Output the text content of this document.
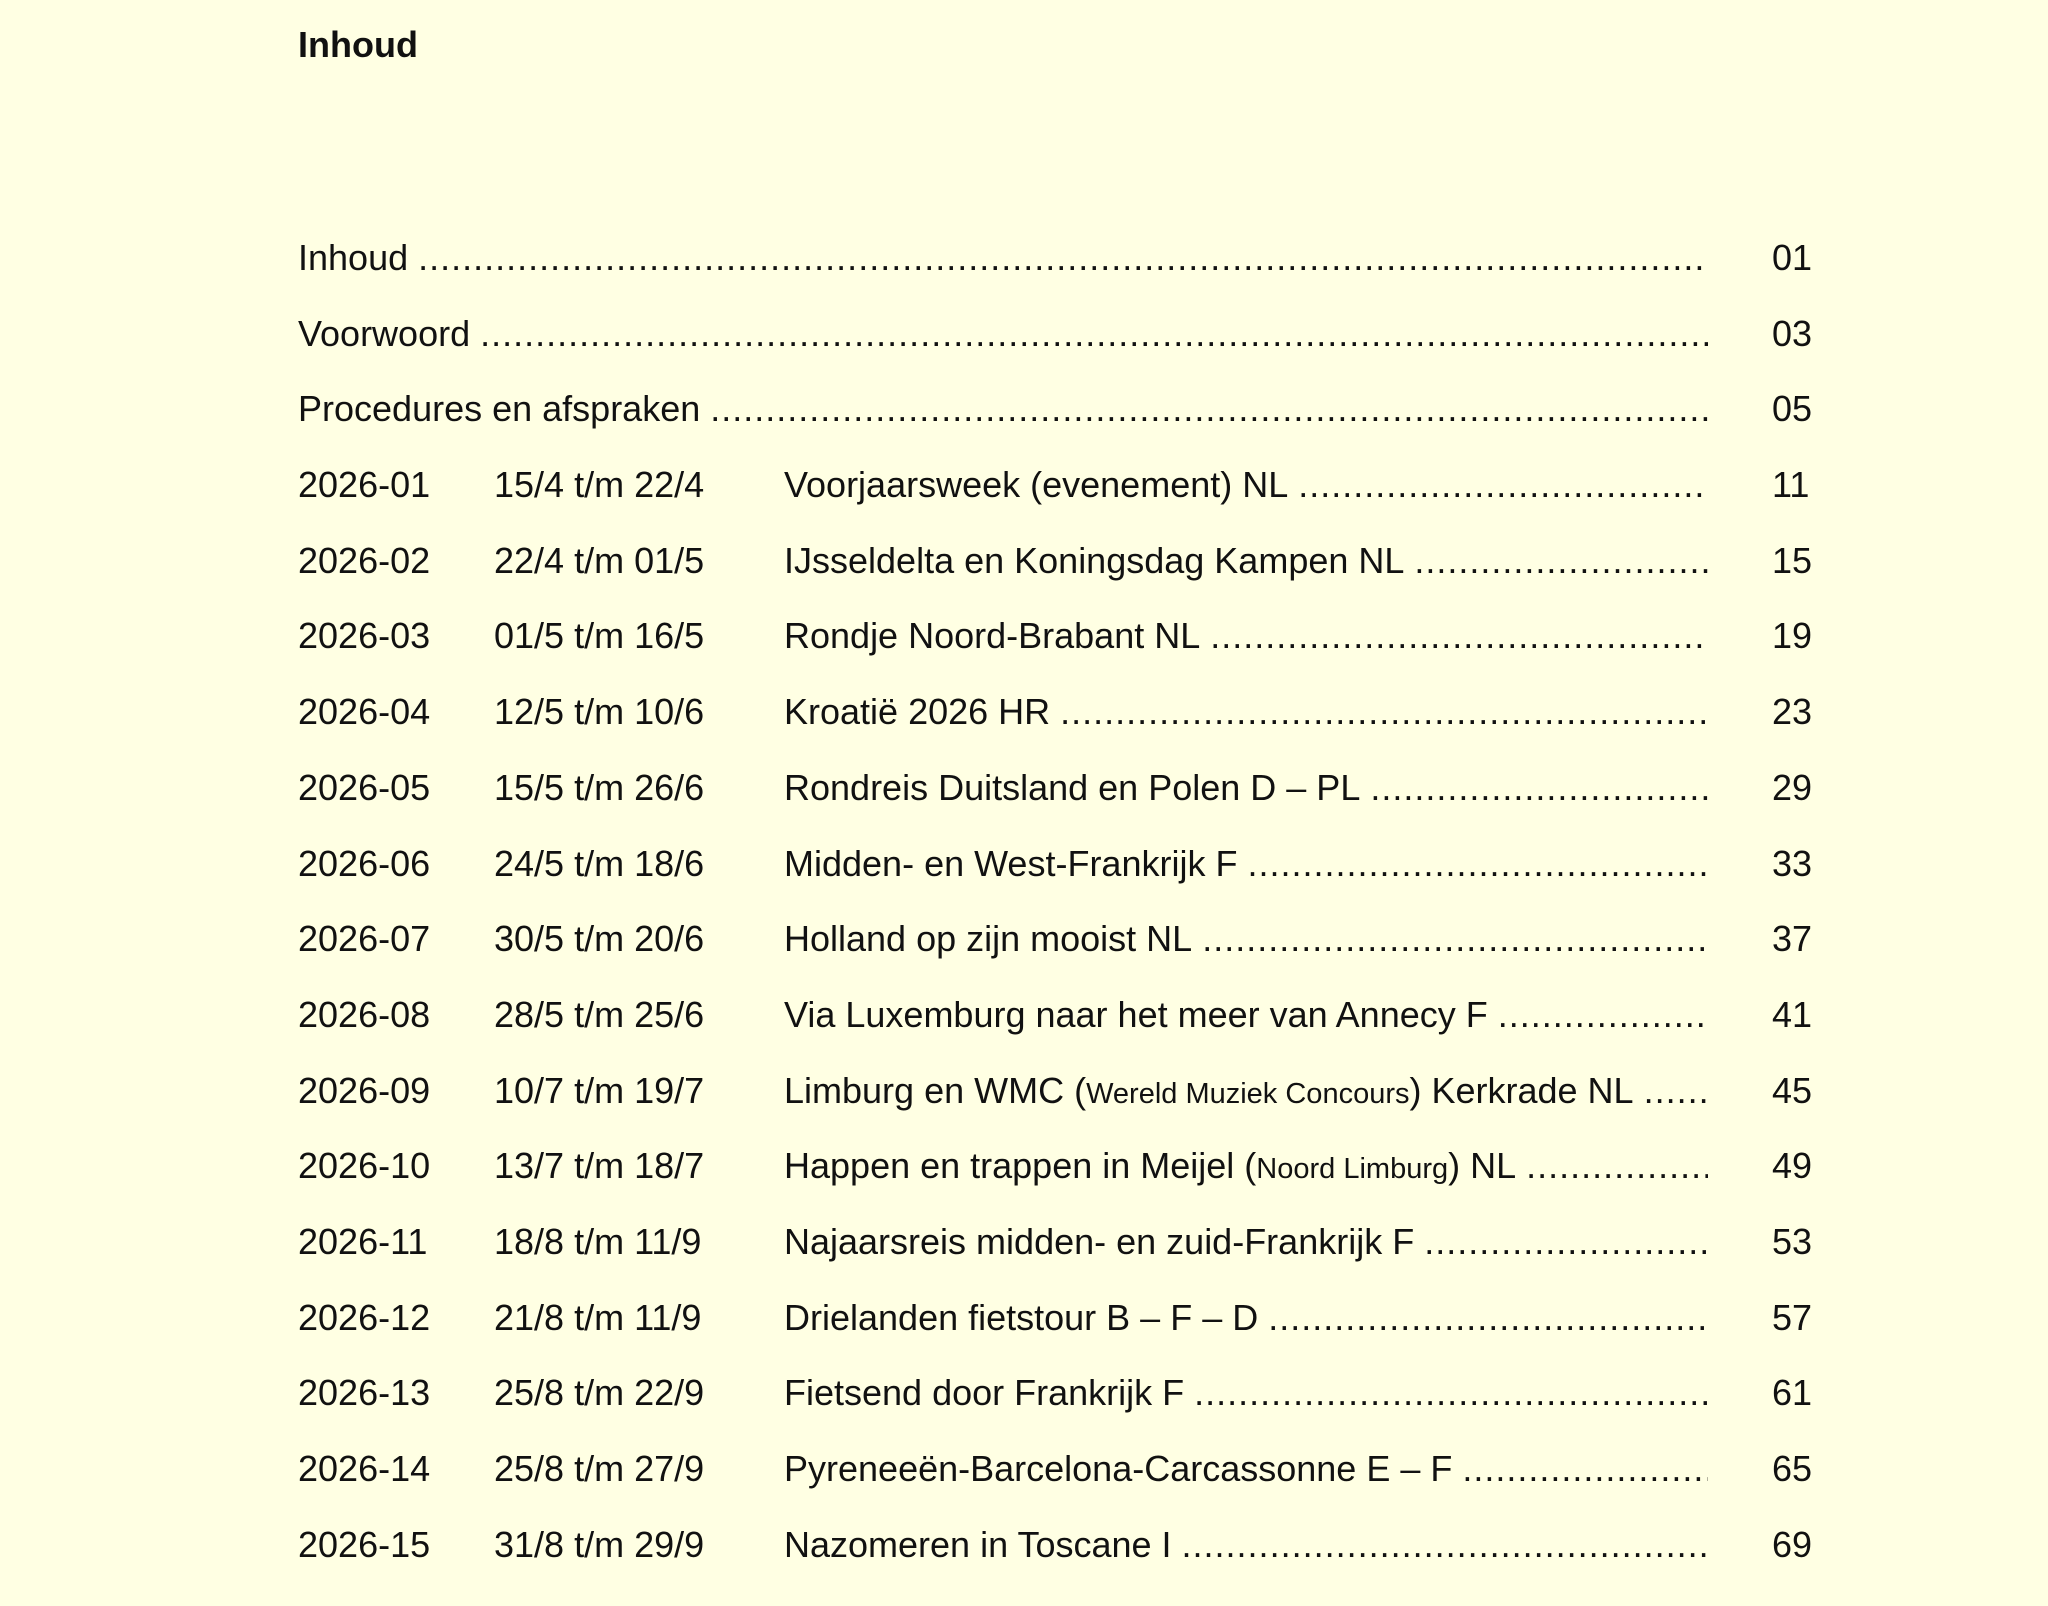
Inhoud
Inhoud .....	01
Voorwoord .....	03
Procedures en afspraken .....	05
2026-01 15/4 t/m 22/4 Voorjaarsweek (evenement) NL .....	11
2026-02 22/4 t/m 01/5 IJsseldelta en Koningsdag Kampen NL .....	15
2026-03 01/5 t/m 16/5 Rondje Noord-Brabant NL .....	19
2026-04 12/5 t/m 10/6 Kroatië 2026 HR .....	23
2026-05 15/5 t/m 26/6 Rondreis Duitsland en Polen D – PL .....	29
2026-06 24/5 t/m 18/6 Midden- en West-Frankrijk F .....	33
2026-07 30/5 t/m 20/6 Holland op zijn mooist NL .....	37
2026-08 28/5 t/m 25/6 Via Luxemburg naar het meer van Annecy F .....	41
2026-09 10/7 t/m 19/7 Limburg en WMC (Wereld Muziek Concours) Kerkrade NL .....	45
2026-10 13/7 t/m 18/7 Happen en trappen in Meijel (Noord Limburg) NL .....	49
2026-11 18/8 t/m 11/9 Najaarsreis midden- en zuid-Frankrijk F .....	53
2026-12 21/8 t/m 11/9 Drielanden fietstour B – F – D .....	57
2026-13 25/8 t/m 22/9 Fietsend door Frankrijk F .....	61
2026-14 25/8 t/m 27/9 Pyreneeën-Barcelona-Carcassonne E – F .....	65
2026-15 31/8 t/m 29/9 Nazomeren in Toscane I .....	69
